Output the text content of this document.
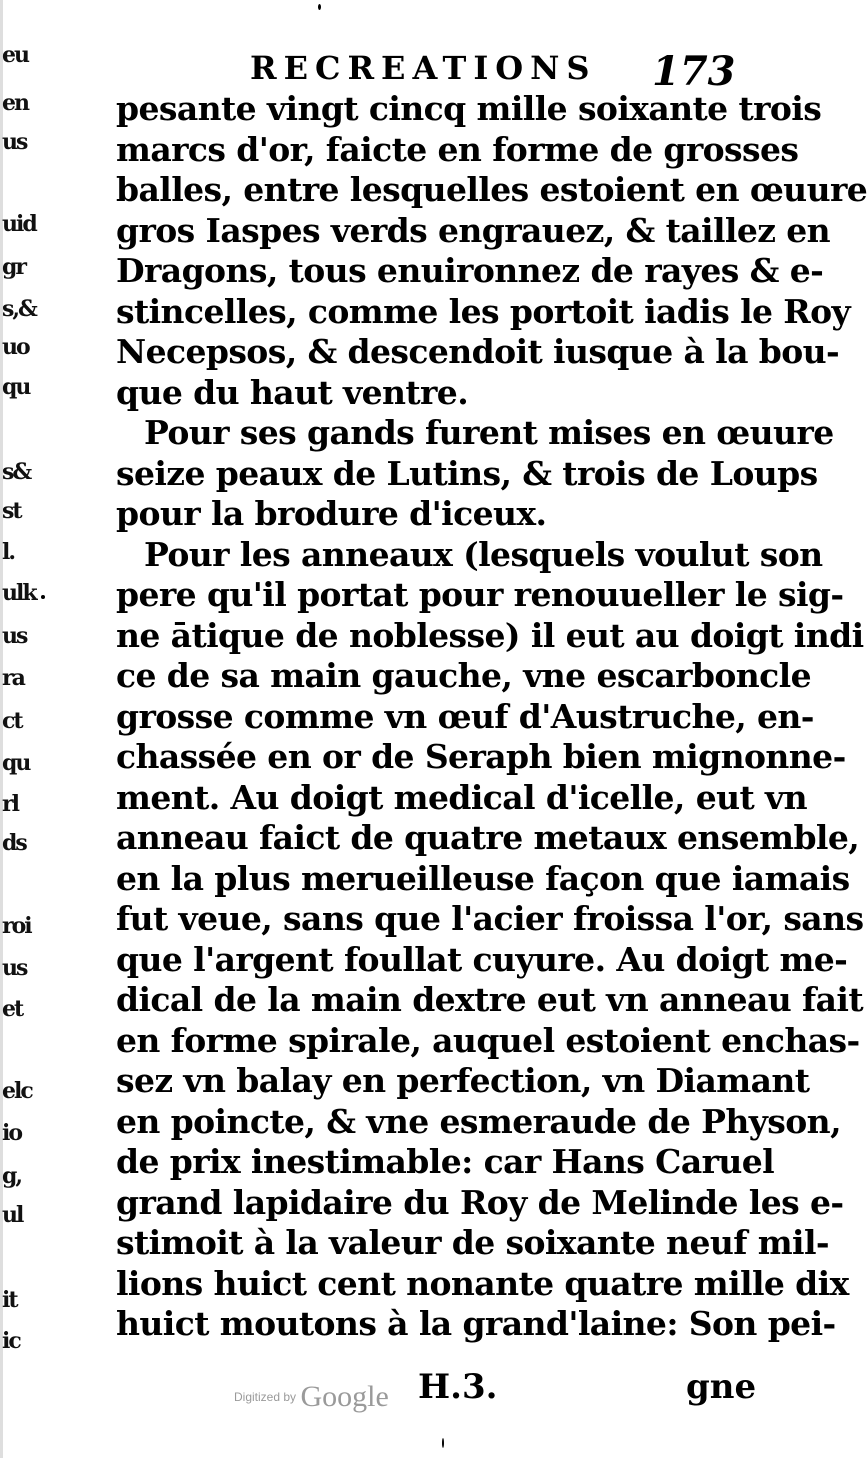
eu
en
us
uid
gr
s,&
uo
qu
s&
st
l.
ulk
us
ra
ct
qu
rl
ds
roi
us
et
elc
io
g,
ul
it
ic
RECREATIONS 173
pesante vingt cincq mille soixante trois
marcs d'or, faicte en forme de grosses
balles, entre lesquelles estoient en œuure
gros Iaspes verds engrauez, & taillez en
Dragons, tous enuironnez de rayes & e-
stincelles, comme les portoit iadis le Roy
Necepsos, & descendoit iusque à la bou-
que du haut ventre.
Pour ses gands furent mises en œuure
seize peaux de Lutins, & trois de Loups
pour la brodure d'iceux.
Pour les anneaux (lesquels voulut son
pere qu'il portat pour renouueller le sig-
ne ātique de noblesse) il eut au doigt indi
ce de sa main gauche, vne escarboncle
grosse comme vn œuf d'Austruche, en-
chassée en or de Seraph bien mignonne-
ment. Au doigt medical d'icelle, eut vn
anneau faict de quatre metaux ensemble,
en la plus merueilleuse façon que iamais
fut veue, sans que l'acier froissa l'or, sans
que l'argent foullat cuyure. Au doigt me-
dical de la main dextre eut vn anneau fait
en forme spirale, auquel estoient enchas-
sez vn balay en perfection, vn Diamant
en poincte, & vne esmeraude de Physon,
de prix inestimable: car Hans Caruel
grand lapidaire du Roy de Melinde les e-
stimoit à la valeur de soixante neuf mil-
lions huict cent nonante quatre mille dix
huict moutons à la grand'laine: Son pei-
H.3.	gne
Digitized by Google
